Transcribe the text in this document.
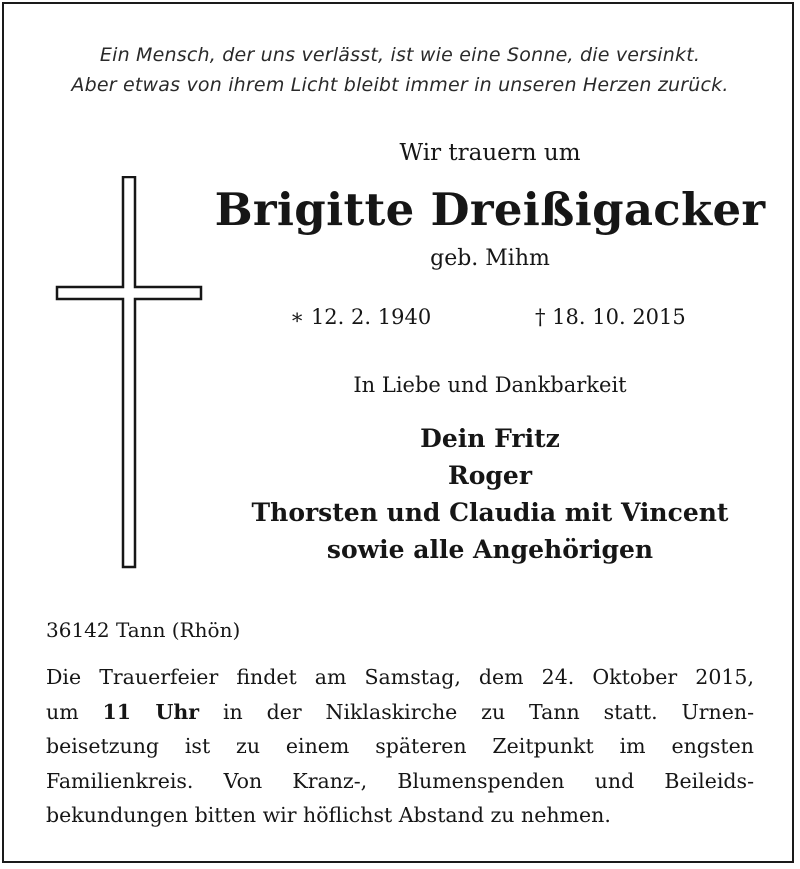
Ein Mensch, der uns verlässt, ist wie eine Sonne, die versinkt.
Aber etwas von ihrem Licht bleibt immer in unseren Herzen zurück.
Wir trauern um
Brigitte Dreißigacker
geb. Mihm
∗ 12. 2. 1940	† 18. 10. 2015
In Liebe und Dankbarkeit
Dein Fritz
Roger
Thorsten und Claudia mit Vincent
sowie alle Angehörigen
36142 Tann (Rhön)
Die Trauerfeier findet am Samstag, dem 24. Oktober 2015,
um 11 Uhr in der Niklaskirche zu Tann statt. Urnen-
beisetzung ist zu einem späteren Zeitpunkt im engsten
Familienkreis. Von Kranz-, Blumenspenden und Beileids-
bekundungen bitten wir höflichst Abstand zu nehmen.
